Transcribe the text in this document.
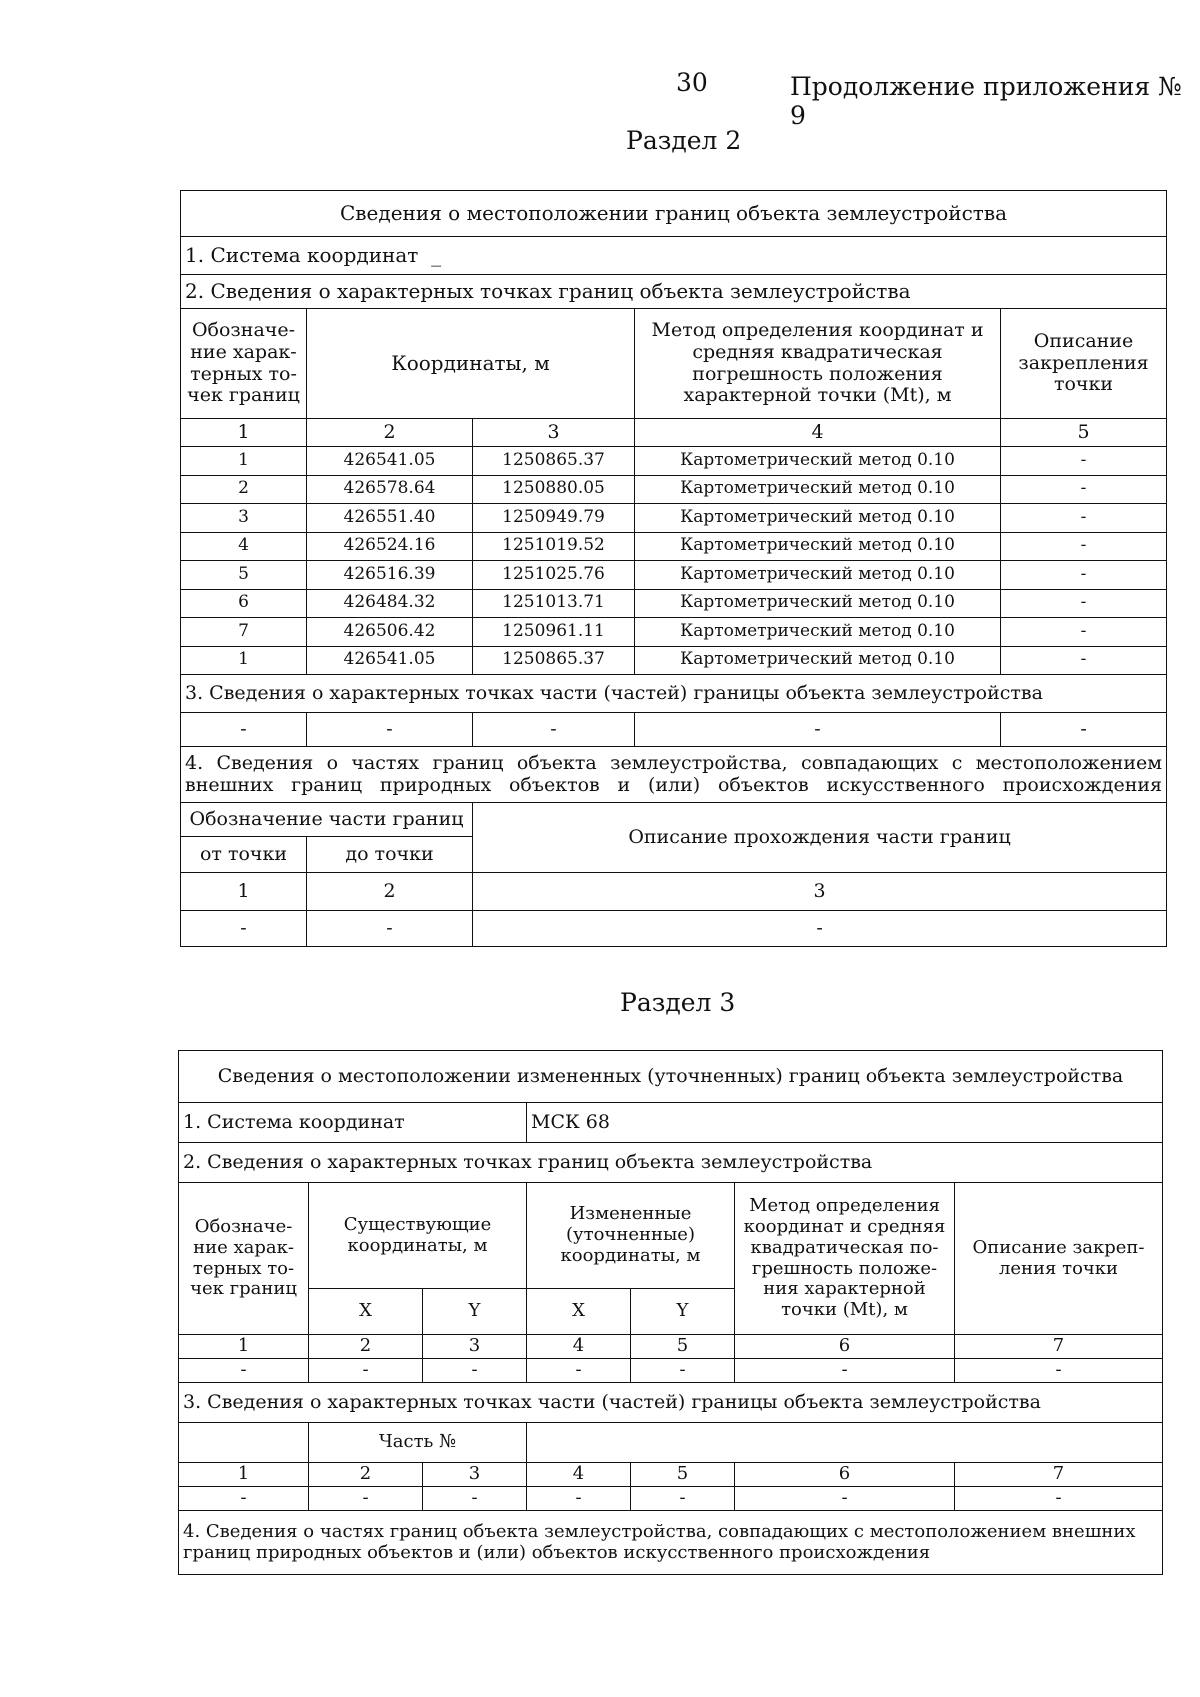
30	Продолжение приложения № 9
Раздел 2
Сведения о местоположении границ объекта землеустройства				
1. Система координат _				
2. Сведения о характерных точках границ объекта землеустройства				
Обозначе-ние харак-терных то-чек границ	Координаты, м		Метод определения координат и средняя квадратическая погрешность положения характерной точки (Mt), м	Описание закрепления точки
1	2	3	4	5
1	426541.05	1250865.37	Картометрический метод 0.10	-
2	426578.64	1250880.05	Картометрический метод 0.10	-
3	426551.40	1250949.79	Картометрический метод 0.10	-
4	426524.16	1251019.52	Картометрический метод 0.10	-
5	426516.39	1251025.76	Картометрический метод 0.10	-
6	426484.32	1251013.71	Картометрический метод 0.10	-
7	426506.42	1250961.11	Картометрический метод 0.10	-
1	426541.05	1250865.37	Картометрический метод 0.10	-
3. Сведения о характерных точках части (частей) границы объекта землеустройства				
-	-	-	-	-
4. Сведения о частях границ объекта землеустройства, совпадающих с местоположением внешних границ природных объектов и (или) объектов искусственного происхождения				
Обозначение части границ		Описание прохождения части границ		
от точки	до точки			
1	2	3		
-	-	-		
Раздел 3
Сведения о местоположении измененных (уточненных) границ объекта землеустройства						
1. Система координат			МСК 68			
2. Сведения о характерных точках границ объекта землеустройства						
Обозначе-ние харак-терных то-чек границ	Существующие координаты, м		Измененные (уточненные) координаты, м		Метод определения координат и средняя квадратическая по-грешность положе-ния характерной точки (Mt), м	Описание закреп-ления точки
	X	Y	X	Y		
1	2	3	4	5	6	7
-	-	-	-	-	-	-
3. Сведения о характерных точках части (частей) границы объекта землеустройства						
	Часть №					
1	2	3	4	5	6	7
-	-	-	-	-	-	-
4. Сведения о частях границ объекта землеустройства, совпадающих с местоположением внешних границ природных объектов и (или) объектов искусственного происхождения						
